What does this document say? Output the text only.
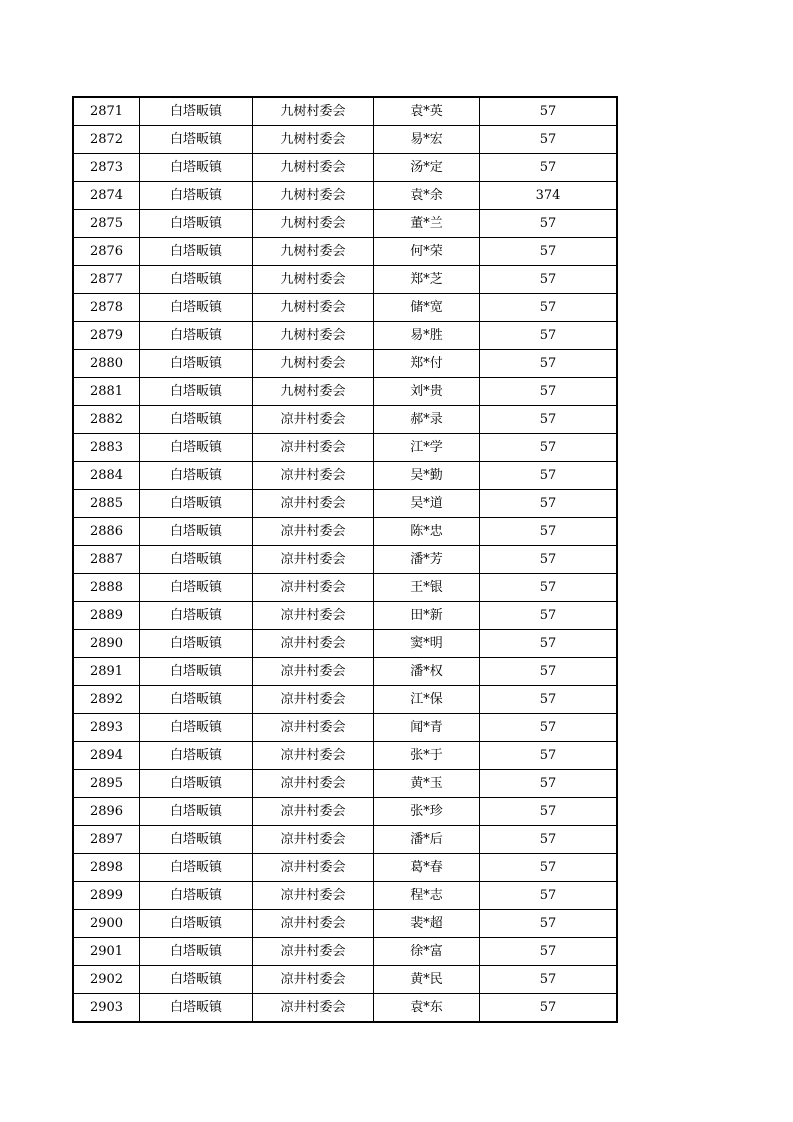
2871	白塔畈镇	九树村委会	袁*英	57
2872	白塔畈镇	九树村委会	易*宏	57
2873	白塔畈镇	九树村委会	汤*定	57
2874	白塔畈镇	九树村委会	袁*余	374
2875	白塔畈镇	九树村委会	董*兰	57
2876	白塔畈镇	九树村委会	何*荣	57
2877	白塔畈镇	九树村委会	郑*芝	57
2878	白塔畈镇	九树村委会	储*宽	57
2879	白塔畈镇	九树村委会	易*胜	57
2880	白塔畈镇	九树村委会	郑*付	57
2881	白塔畈镇	九树村委会	刘*贵	57
2882	白塔畈镇	凉井村委会	郝*录	57
2883	白塔畈镇	凉井村委会	江*学	57
2884	白塔畈镇	凉井村委会	吴*勤	57
2885	白塔畈镇	凉井村委会	吴*道	57
2886	白塔畈镇	凉井村委会	陈*忠	57
2887	白塔畈镇	凉井村委会	潘*芳	57
2888	白塔畈镇	凉井村委会	王*银	57
2889	白塔畈镇	凉井村委会	田*新	57
2890	白塔畈镇	凉井村委会	窦*明	57
2891	白塔畈镇	凉井村委会	潘*权	57
2892	白塔畈镇	凉井村委会	江*保	57
2893	白塔畈镇	凉井村委会	闻*青	57
2894	白塔畈镇	凉井村委会	张*于	57
2895	白塔畈镇	凉井村委会	黄*玉	57
2896	白塔畈镇	凉井村委会	张*珍	57
2897	白塔畈镇	凉井村委会	潘*后	57
2898	白塔畈镇	凉井村委会	葛*春	57
2899	白塔畈镇	凉井村委会	程*志	57
2900	白塔畈镇	凉井村委会	裴*超	57
2901	白塔畈镇	凉井村委会	徐*富	57
2902	白塔畈镇	凉井村委会	黄*民	57
2903	白塔畈镇	凉井村委会	袁*东	57
